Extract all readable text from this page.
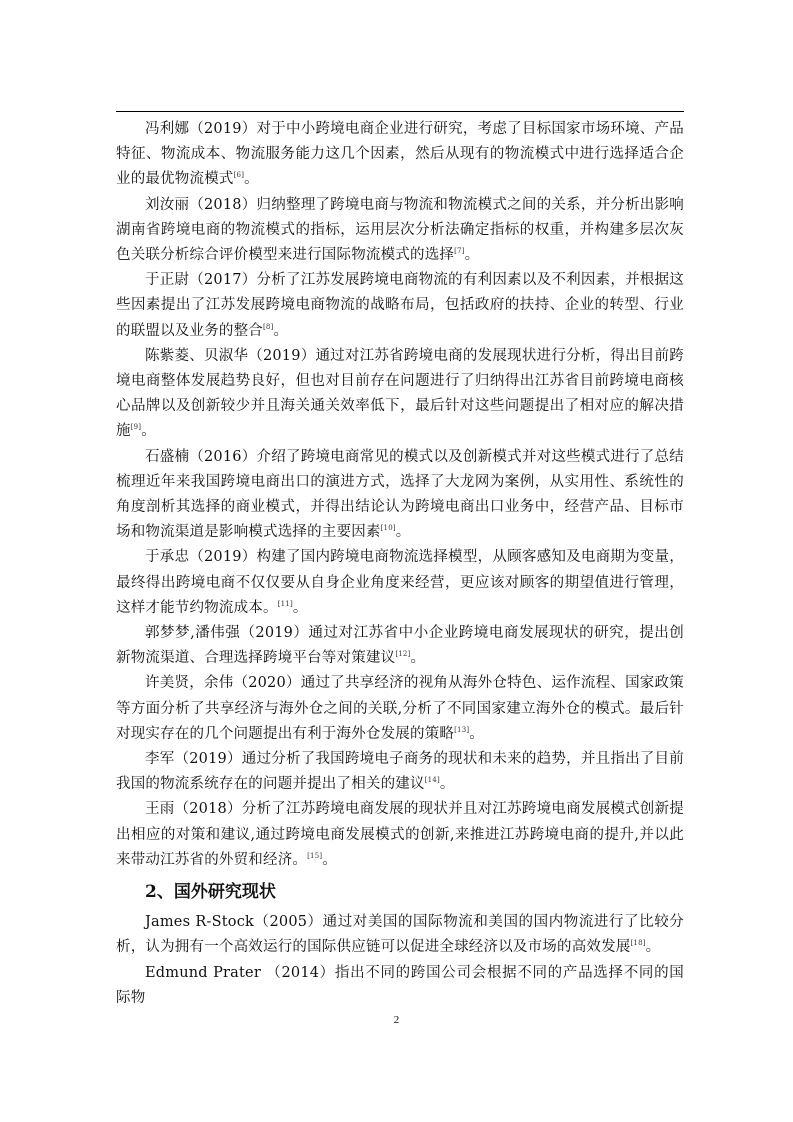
冯利娜（2019）对于中小跨境电商企业进行研究，考虑了目标国家市场环境、产品特征、物流成本、物流服务能力这几个因素，然后从现有的物流模式中进行选择适合企业的最优物流模式[6]。

刘汝丽（2018）归纳整理了跨境电商与物流和物流模式之间的关系，并分析出影响湖南省跨境电商的物流模式的指标，运用层次分析法确定指标的权重，并构建多层次灰色关联分析综合评价模型来进行国际物流模式的选择[7]。

于正尉（2017）分析了江苏发展跨境电商物流的有利因素以及不利因素，并根据这些因素提出了江苏发展跨境电商物流的战略布局，包括政府的扶持、企业的转型、行业的联盟以及业务的整合[8]。

陈紫菱、贝淑华（2019）通过对江苏省跨境电商的发展现状进行分析，得出目前跨境电商整体发展趋势良好，但也对目前存在问题进行了归纳得出江苏省目前跨境电商核心品牌以及创新较少并且海关通关效率低下，最后针对这些问题提出了相对应的解决措施[9]。

石盛楠（2016）介绍了跨境电商常见的模式以及创新模式并对这些模式进行了总结梳理近年来我国跨境电商出口的演进方式，选择了大龙网为案例，从实用性、系统性的角度剖析其选择的商业模式，并得出结论认为跨境电商出口业务中，经营产品、目标市场和物流渠道是影响模式选择的主要因素[10]。

于承忠（2019）构建了国内跨境电商物流选择模型，从顾客感知及电商期为变量，最终得出跨境电商不仅仅要从自身企业角度来经营，更应该对顾客的期望值进行管理，这样才能节约物流成本。[11]。

郭梦梦,潘伟强（2019）通过对江苏省中小企业跨境电商发展现状的研究，提出创新物流渠道、合理选择跨境平台等对策建议[12]。

许美贤，余伟（2020）通过了共享经济的视角从海外仓特色、运作流程、国家政策等方面分析了共享经济与海外仓之间的关联,分析了不同国家建立海外仓的模式。最后针对现实存在的几个问题提出有利于海外仓发展的策略[13]。

李军（2019）通过分析了我国跨境电子商务的现状和未来的趋势，并且指出了目前我国的物流系统存在的问题并提出了相关的建议[14]。

王雨（2018）分析了江苏跨境电商发展的现状并且对江苏跨境电商发展模式创新提出相应的对策和建议,通过跨境电商发展模式的创新,来推进江苏跨境电商的提升,并以此来带动江苏省的外贸和经济。[15]。

2、国外研究现状

James R-Stock（2005）通过对美国的国际物流和美国的国内物流进行了比较分析，认为拥有一个高效运行的国际供应链可以促进全球经济以及市场的高效发展[18]。

Edmund Prater （2014）指出不同的跨国公司会根据不同的产品选择不同的国际物

2
